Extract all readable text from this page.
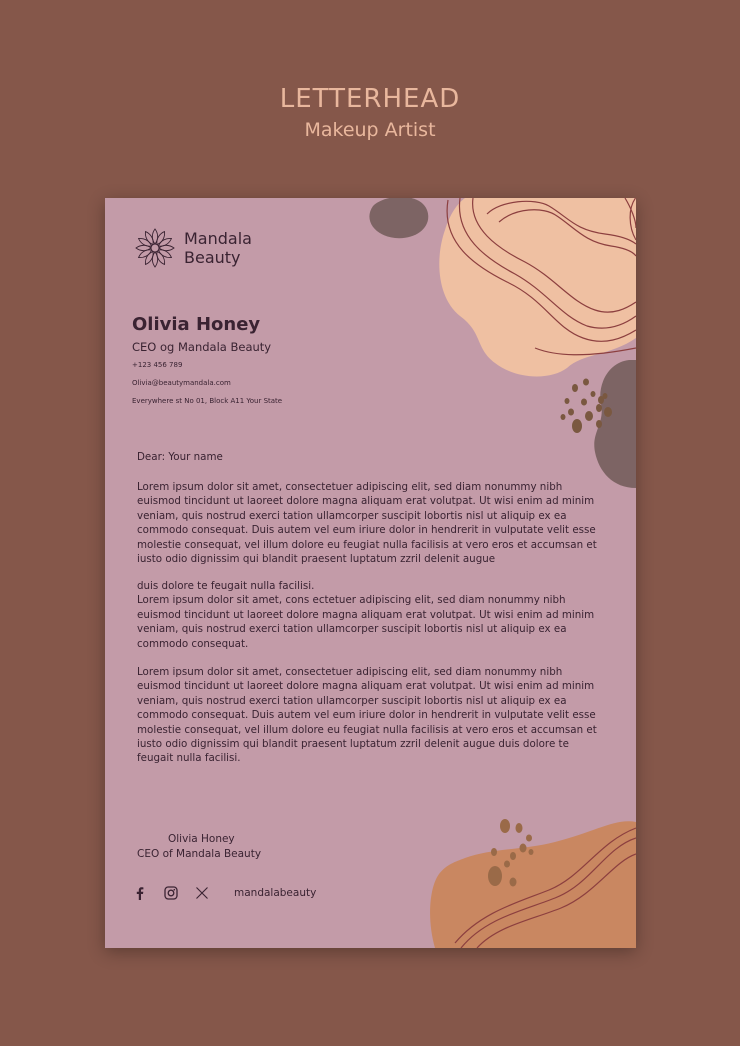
LETTERHEAD
Makeup Artist
Mandala
Beauty

Olivia Honey

CEO og Mandala Beauty

+123 456 789

Olivia@beautymandala.com

Everywhere st No 01, Block A11 Your State

Dear: Your name

Lorem ipsum dolor sit amet, consectetuer adipiscing elit, sed diam nonummy nibh euismod tincidunt ut laoreet dolore magna aliquam erat volutpat. Ut wisi enim ad minim veniam, quis nostrud exerci tation ullamcorper suscipit lobortis nisl ut aliquip ex ea commodo consequat. Duis autem vel eum iriure dolor in hendrerit in vulputate velit esse molestie consequat, vel illum dolore eu feugiat nulla facilisis at vero eros et accumsan et iusto odio dignissim qui blandit praesent luptatum zzril delenit augue

duis dolore te feugait nulla facilisi.
Lorem ipsum dolor sit amet, cons ectetuer adipiscing elit, sed diam nonummy nibh euismod tincidunt ut laoreet dolore magna aliquam erat volutpat. Ut wisi enim ad minim veniam, quis nostrud exerci tation ullamcorper suscipit lobortis nisl ut aliquip ex ea commodo consequat.

Lorem ipsum dolor sit amet, consectetuer adipiscing elit, sed diam nonummy nibh euismod tincidunt ut laoreet dolore magna aliquam erat volutpat. Ut wisi enim ad minim veniam, quis nostrud exerci tation ullamcorper suscipit lobortis nisl ut aliquip ex ea commodo consequat. Duis autem vel eum iriure dolor in hendrerit in vulputate velit esse molestie consequat, vel illum dolore eu feugiat nulla facilisis at vero eros et accumsan et iusto odio dignissim qui blandit praesent luptatum zzril delenit augue duis dolore te feugait nulla facilisi.

Olivia Honey
CEO of Mandala Beauty
mandalabeauty
